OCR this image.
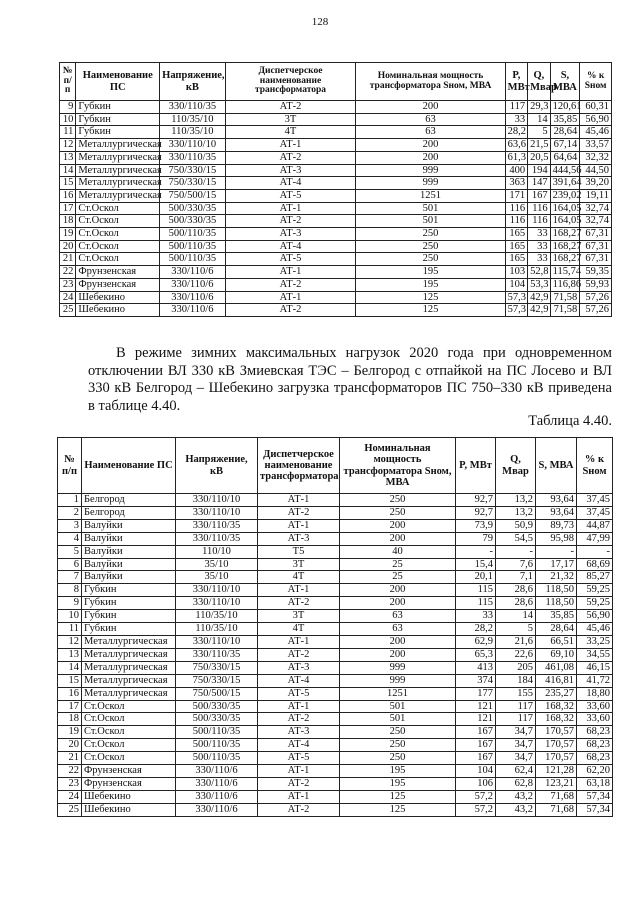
128
№ п/п	Наименование ПС	Напряжение, кВ	Диспетчерское наименование трансформатора	Номинальная мощность трансформатора Sном, МВА	P, МВт	Q, Мвар	S, МВА	% к Sном
9	Губкин	330/110/35	АТ-2	200	117	29,3	120,61	60,31
10	Губкин	110/35/10	3Т	63	33	14	35,85	56,90
11	Губкин	110/35/10	4Т	63	28,2	5	28,64	45,46
12	Металлургическая	330/110/10	АТ-1	200	63,6	21,5	67,14	33,57
13	Металлургическая	330/110/35	АТ-2	200	61,3	20,5	64,64	32,32
14	Металлургическая	750/330/15	АТ-3	999	400	194	444,56	44,50
15	Металлургическая	750/330/15	АТ-4	999	363	147	391,64	39,20
16	Металлургическая	750/500/15	АТ-5	1251	171	167	239,02	19,11
17	Ст.Оскол	500/330/35	АТ-1	501	116	116	164,05	32,74
18	Ст.Оскол	500/330/35	АТ-2	501	116	116	164,05	32,74
19	Ст.Оскол	500/110/35	АТ-3	250	165	33	168,27	67,31
20	Ст.Оскол	500/110/35	АТ-4	250	165	33	168,27	67,31
21	Ст.Оскол	500/110/35	АТ-5	250	165	33	168,27	67,31
22	Фрунзенская	330/110/6	АТ-1	195	103	52,8	115,74	59,35
23	Фрунзенская	330/110/6	АТ-2	195	104	53,3	116,86	59,93
24	Шебекино	330/110/6	АТ-1	125	57,3	42,9	71,58	57,26
25	Шебекино	330/110/6	АТ-2	125	57,3	42,9	71,58	57,26
В режиме зимних максимальных нагрузок 2020 года при одновременном отключении ВЛ 330 кВ Змиевская ТЭС – Белгород с отпайкой на ПС Лосево и ВЛ 330 кВ Белгород – Шебекино загрузка трансформаторов ПС 750–330 кВ приведена в таблице 4.40.
Таблица 4.40.
№ п/п	Наименование ПС	Напряжение, кВ	Диспетчерское наименование трансформатора	Номинальная мощность трансформатора Sном, МВА	P, МВт	Q, Мвар	S, МВА	% к Sном
1	Белгород	330/110/10	АТ-1	250	92,7	13,2	93,64	37,45
2	Белгород	330/110/10	АТ-2	250	92,7	13,2	93,64	37,45
3	Валуйки	330/110/35	АТ-1	200	73,9	50,9	89,73	44,87
4	Валуйки	330/110/35	АТ-3	200	79	54,5	95,98	47,99
5	Валуйки	110/10	Т5	40	-	-	-	-
6	Валуйки	35/10	3Т	25	15,4	7,6	17,17	68,69
7	Валуйки	35/10	4Т	25	20,1	7,1	21,32	85,27
8	Губкин	330/110/10	АТ-1	200	115	28,6	118,50	59,25
9	Губкин	330/110/10	АТ-2	200	115	28,6	118,50	59,25
10	Губкин	110/35/10	3Т	63	33	14	35,85	56,90
11	Губкин	110/35/10	4Т	63	28,2	5	28,64	45,46
12	Металлургическая	330/110/10	АТ-1	200	62,9	21,6	66,51	33,25
13	Металлургическая	330/110/35	АТ-2	200	65,3	22,6	69,10	34,55
14	Металлургическая	750/330/15	АТ-3	999	413	205	461,08	46,15
15	Металлургическая	750/330/15	АТ-4	999	374	184	416,81	41,72
16	Металлургическая	750/500/15	АТ-5	1251	177	155	235,27	18,80
17	Ст.Оскол	500/330/35	АТ-1	501	121	117	168,32	33,60
18	Ст.Оскол	500/330/35	АТ-2	501	121	117	168,32	33,60
19	Ст.Оскол	500/110/35	АТ-3	250	167	34,7	170,57	68,23
20	Ст.Оскол	500/110/35	АТ-4	250	167	34,7	170,57	68,23
21	Ст.Оскол	500/110/35	АТ-5	250	167	34,7	170,57	68,23
22	Фрунзенская	330/110/6	АТ-1	195	104	62,4	121,28	62,20
23	Фрунзенская	330/110/6	АТ-2	195	106	62,8	123,21	63,18
24	Шебекино	330/110/6	АТ-1	125	57,2	43,2	71,68	57,34
25	Шебекино	330/110/6	АТ-2	125	57,2	43,2	71,68	57,34
